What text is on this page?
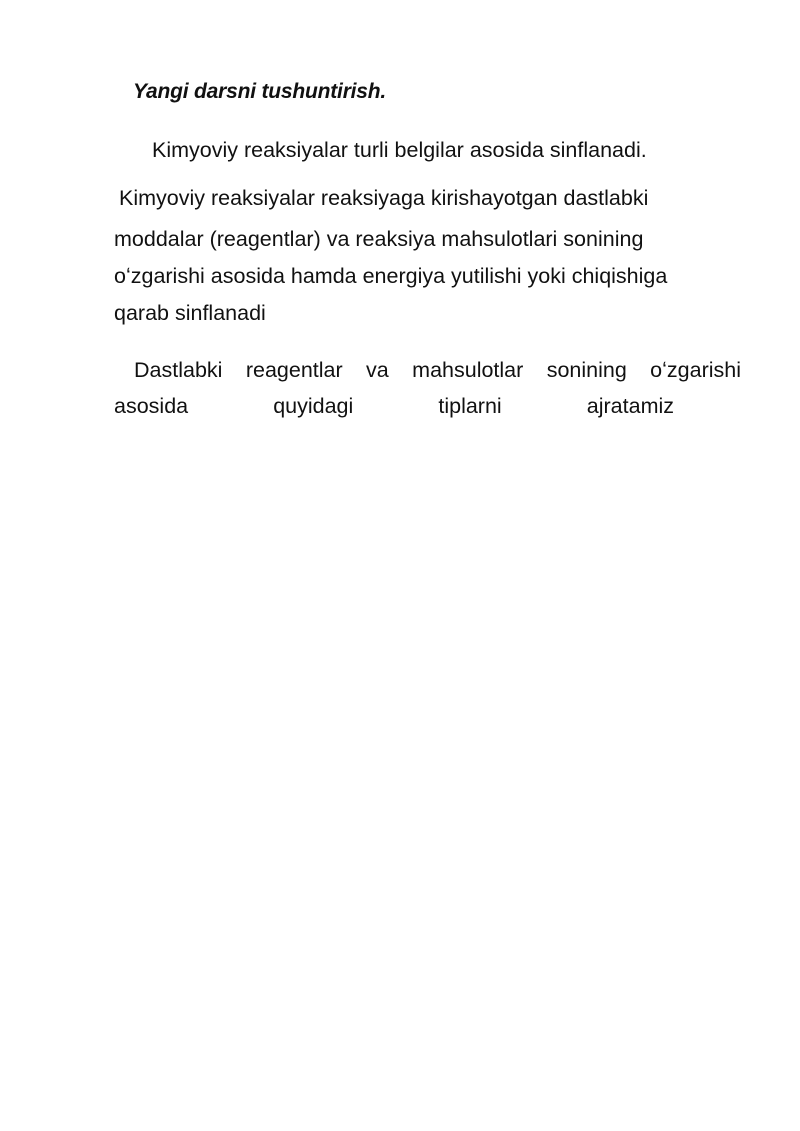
Yangi darsni tushuntirish.
Kimyoviy reaksiyalar turli belgilar asosida sinflanadi.
Kimyoviy reaksiyalar reaksiyaga kirishayotgan dastlabki
moddalar (reagentlar) va reaksiya mahsulotlari sonining
oʻzgarishi asosida hamda energiya yutilishi yoki chiqishiga
qarab sinflanadi
Dastlabki reagentlar va mahsulotlar sonining oʻzgarishi
asosida	quyidagi	tiplarni	ajratamiz
